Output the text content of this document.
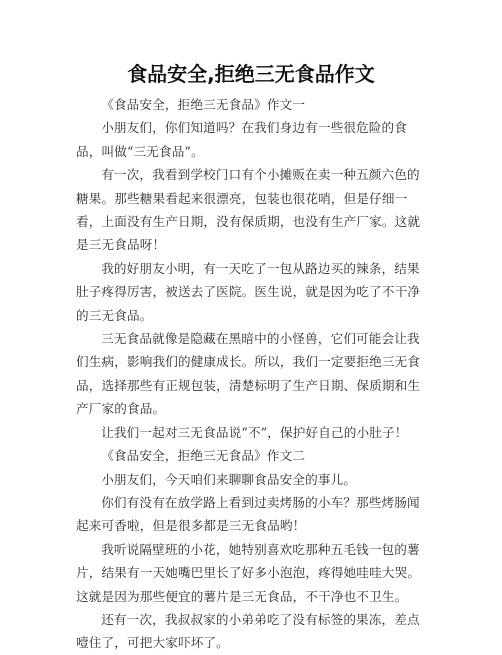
食品安全,拒绝三无食品作文

《食品安全，拒绝三无食品》作文一

小朋友们，你们知道吗？在我们身边有一些很危险的食品，叫做“三无食品”。

有一次，我看到学校门口有个小摊贩在卖一种五颜六色的糖果。那些糖果看起来很漂亮，包装也很花哨，但是仔细一看，上面没有生产日期，没有保质期，也没有生产厂家。这就是三无食品呀！

我的好朋友小明，有一天吃了一包从路边买的辣条，结果肚子疼得厉害，被送去了医院。医生说，就是因为吃了不干净的三无食品。

三无食品就像是隐藏在黑暗中的小怪兽，它们可能会让我们生病，影响我们的健康成长。所以，我们一定要拒绝三无食品，选择那些有正规包装，清楚标明了生产日期、保质期和生产厂家的食品。

让我们一起对三无食品说“不”，保护好自己的小肚子！

《食品安全，拒绝三无食品》作文二

小朋友们，今天咱们来聊聊食品安全的事儿。

你们有没有在放学路上看到过卖烤肠的小车？那些烤肠闻起来可香啦，但是很多都是三无食品哟！

我听说隔壁班的小花，她特别喜欢吃那种五毛钱一包的薯片，结果有一天她嘴巴里长了好多小泡泡，疼得她哇哇大哭。这就是因为那些便宜的薯片是三无食品，不干净也不卫生。

还有一次，我叔叔家的小弟弟吃了没有标签的果冻，差点噎住了，可把大家吓坏了。
